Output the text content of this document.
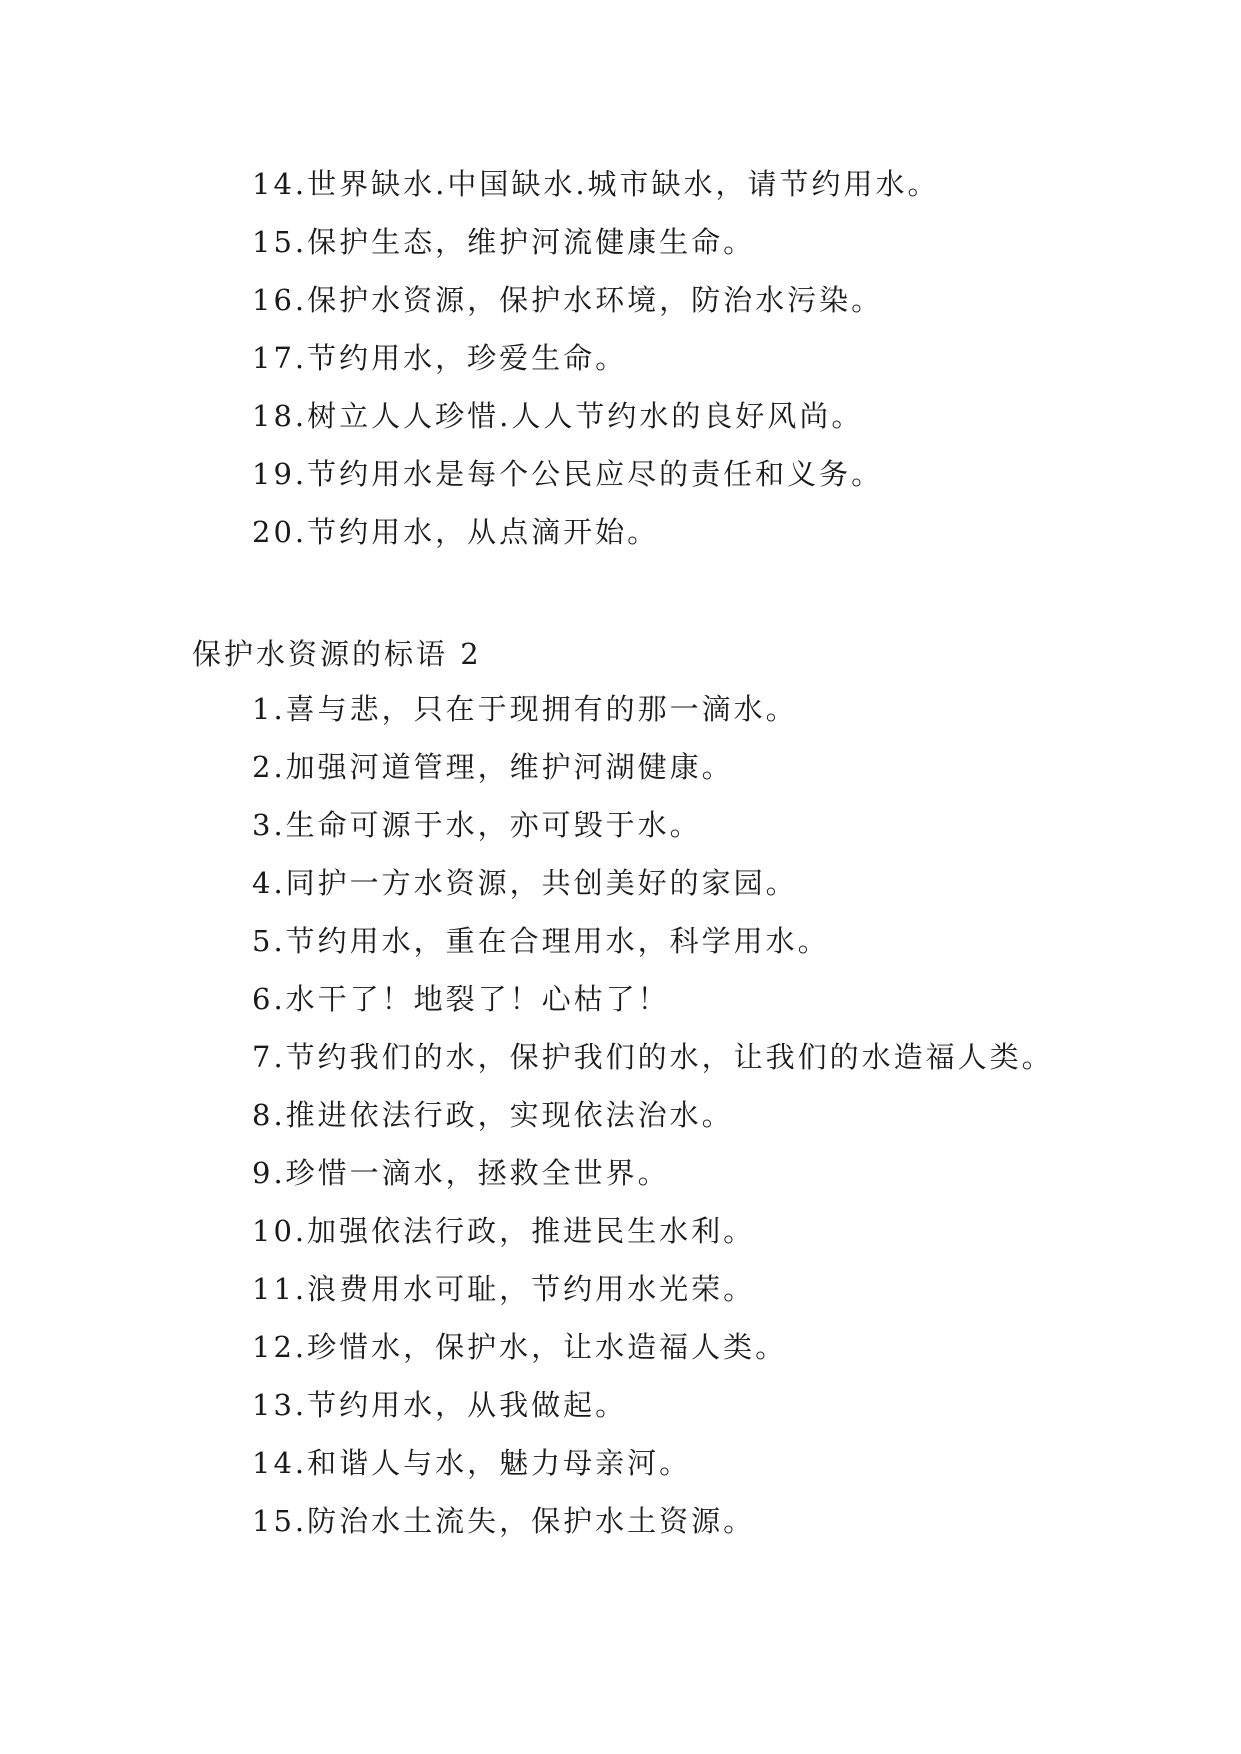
14.世界缺水.中国缺水.城市缺水，请节约用水。
15.保护生态，维护河流健康生命。
16.保护水资源，保护水环境，防治水污染。
17.节约用水，珍爱生命。
18.树立人人珍惜.人人节约水的良好风尚。
19.节约用水是每个公民应尽的责任和义务。
20.节约用水，从点滴开始。
保护水资源的标语 2
1.喜与悲，只在于现拥有的那一滴水。
2.加强河道管理，维护河湖健康。
3.生命可源于水，亦可毁于水。
4.同护一方水资源，共创美好的家园。
5.节约用水，重在合理用水，科学用水。
6.水干了！地裂了！心枯了！
7.节约我们的水，保护我们的水，让我们的水造福人类。
8.推进依法行政，实现依法治水。
9.珍惜一滴水，拯救全世界。
10.加强依法行政，推进民生水利。
11.浪费用水可耻，节约用水光荣。
12.珍惜水，保护水，让水造福人类。
13.节约用水，从我做起。
14.和谐人与水，魅力母亲河。
15.防治水土流失，保护水土资源。
